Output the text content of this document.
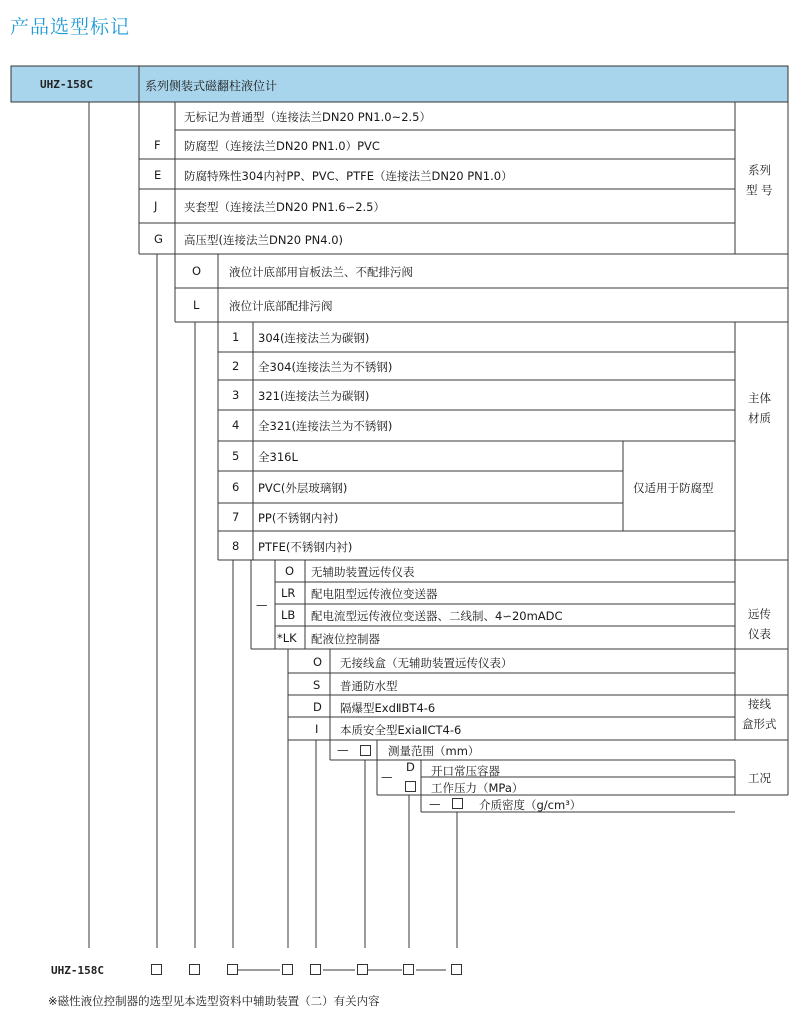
产品选型标记
UHZ-158C	系列侧装式磁翻柱液位计
无标记为普通型（连接法兰DN20 PN1.0~2.5）
F 防腐型（连接法兰DN20 PN1.0）PVC
E 防腐特殊性304内衬PP、PVC、PTFE（连接法兰DN20 PN1.0）
J 夹套型（连接法兰DN20 PN1.6∽2.5）
G 高压型(连接法兰DN20 PN4.0)
系列
型 号
O 液位计底部用盲板法兰、不配排污阀
L	液位计底部配排污阀
1 304(连接法兰为碳钢)
2 全304(连接法兰为不锈钢)
3 321(连接法兰为碳钢)
4 全321(连接法兰为不锈钢)
5 全316L
6 PVC(外层玻璃钢)
7 PP(不锈钢内衬)
8 PTFE(不锈钢内衬)
仅适用于防腐型
主体
材质
—
O 无辅助装置远传仪表
LR 配电阻型远传液位变送器
LB 配电流型远传液位变送器、二线制、4∽20mADC
*LK 配液位控制器
远传
仪表
O 无接线盒（无辅助装置远传仪表）
S 普通防水型
D 隔爆型ExdⅡBT4-6
I 本质安全型ExiaⅡCT4-6
接线
盒形式
—	测量范围（mm）
—
D 开口常压容器
工作压力（MPa）
工况
—	介质密度（g/cm³）
UHZ-158C
※磁性液位控制器的选型见本选型资料中辅助装置（二）有关内容
